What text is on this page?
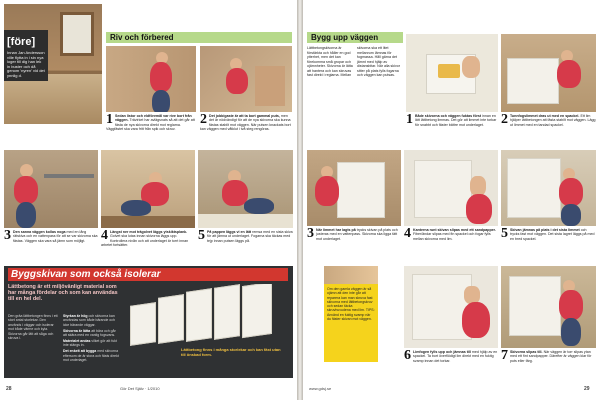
[före]
Innan Jan Andersson ville flytta in i sin nya loger till dig han lek in buster och då genom 'nyren' vid det ynnlig d.
Riv och förbered
1 Sedan listor och eldföremål var rive bort från väggen. Trävirket har avlägsnats så att det går att fästa de nya skivorna direkt mot reglarna. Väggfästet ska vara fritt från spik och skruv.
2 Det jobbigaste är att ta bort gammal puts, men det är nödvändigt för att de nya skivorna ska kunna fästas stabilt mot väggen. När putsen knackats bort kan väggen med våtklut i två steg rengöras.
3 Den sanna väggen kollas noga med en lång rätskiva och en vattenpass för att se var skivorna ska fästas. Väggen ska vara så jämn som möjligt.	4 Längst ner mot trägolvet läggs ytskiktsplank. Golvet ska lutas innan skivorna läggs upp. Kontrollera nivån och att underlaget är torrt innan arbetet fortsätter.
5 På pappen läggs vi en lätt remsa med en sista skiva för att jämna ut underlaget. Fogarna ska täckas med tejp innan putsen läggs på.
Byggskivan som också isolerar
Lättbetong är ett miljövänligt material som har många fördelar och som kan användas till en hel del.
Den gräa lättbetongen finns i ett stort antal storlekar. Den används i väggar och isolerar mot både värme och kyla. Skivorna går lätt att såga och skruva i.
Styrkan är hög och skivorna kan användas som både bärande och icke bärande väggar.
Skivorna är lätta att bära och går att skära med en vanlig fogsvans.
Materialet andas vilket gör att fukt inte stängs in.
Det enkelt att bygga med skivorna eftersom de är stora och fästs direkt mot underlaget.
Lättbetong finns i många storlekar och kan fäst utan till önskad form.
28	Gör Det Själv · 1/2010
Bygg upp väggen
Lättbetongskivorna är förstärkta och håller en god ytterhet, men det kan förekomma små gropar och ojämnheter. Skivorna är lätta att hantera och kan skruvas fast direkt i reglarna. Mellan skivorna ska ett litet mellanrum lämnas för fogmassa. Håll gärna det jämnt med hjälp av distansbitar. När alla skivor sitter på plats fylls fogarna och väggen kan putsas.
1 Både skivorna och väggen fuktas först innan en lätt lättbetong limmas. Det gör att limmet inte torkar för snabbt och fäster bättre mot underlaget.	2 Tunnfogslimmet dras ut med en spackel. Ett lim hjälper lättbetongen att fästa stabilt mot väggen. Lägg ut limmet med en tandad spackel.
3 När limmet har lagts på trycks skivan på plats och justeras med en vattenpass. Skivorna ska ligga tätt mot underlaget.	4 Kanterna runt skivan slipas med ett sandpapper. Fiber/ändar slipas med fin spackel och fogar fylls mellan skivorna med lim.	5 Skivan jämnas på plats i det sista limmet och trycks fast mot väggen. Det sista lagret läggs på med en bred spackel.
Om den gamla väggen är så ojämn att den inte går att reparera kan man skruva fast skivorna med lättbetongskruv och sedan täcka skruvhuvudena med lim. TIPS: Använd en fuktig svamp när du fäster skivan mot väggen.
6 Limfogen fylls upp och jämnas till med hjälp av en spackel. Ta bort överflödigt lim direkt med en fuktig svamp innan det torkar.	7 Skivorna slipas till. När väggen är torr slipas ytan med ett fint sandpapper. Därefter är väggen klar för puts eller färg.
www.gdsj.se	29
